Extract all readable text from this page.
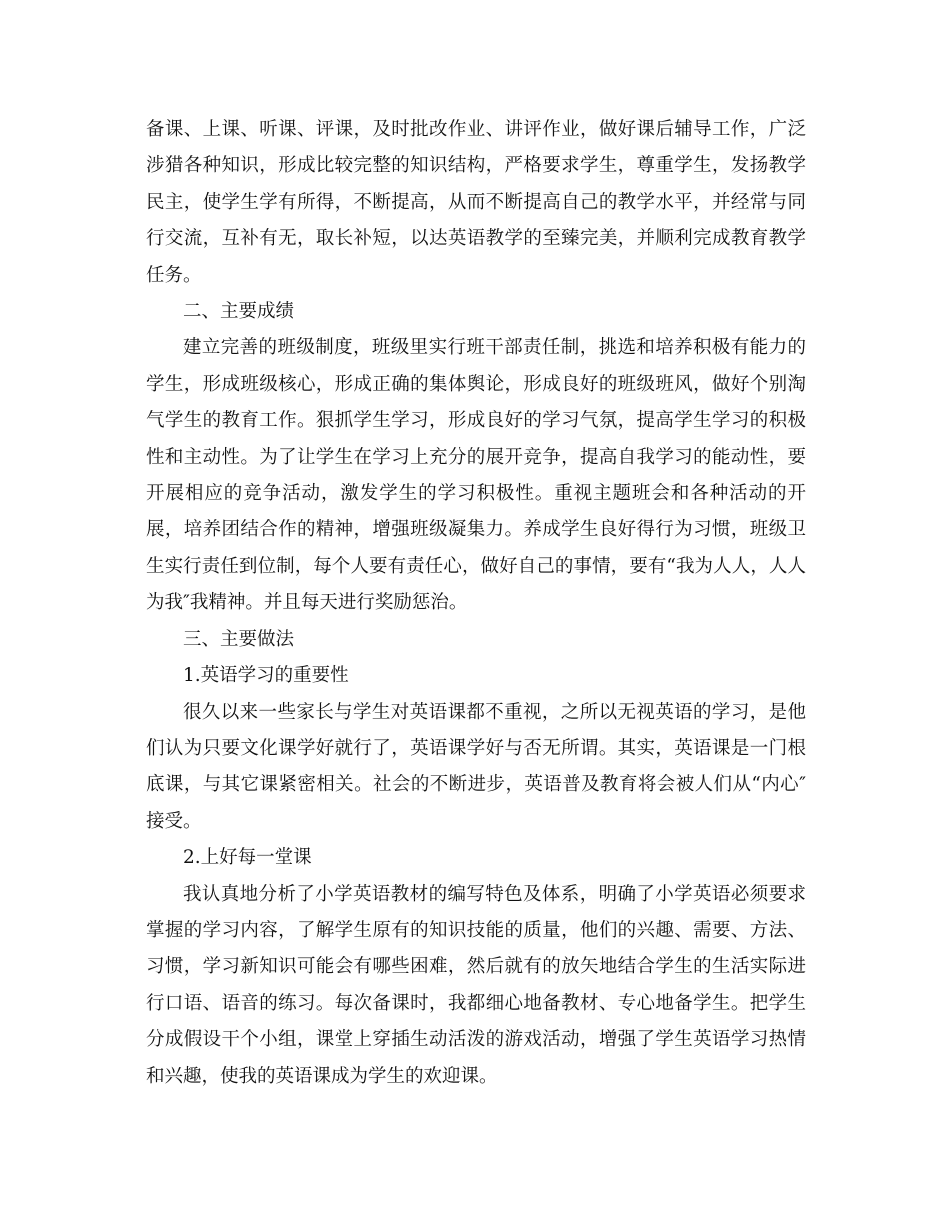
备课、上课、听课、评课，及时批改作业、讲评作业，做好课后辅导工作，广泛涉猎各种知识，形成比较完整的知识结构，严格要求学生，尊重学生，发扬教学民主，使学生学有所得，不断提高，从而不断提高自己的教学水平，并经常与同行交流，互补有无，取长补短，以达英语教学的至臻完美，并顺利完成教育教学任务。

二、主要成绩

建立完善的班级制度，班级里实行班干部责任制，挑选和培养积极有能力的学生，形成班级核心，形成正确的集体舆论，形成良好的班级班风，做好个别淘气学生的教育工作。狠抓学生学习，形成良好的学习气氛，提高学生学习的积极性和主动性。为了让学生在学习上充分的展开竞争，提高自我学习的能动性，要开展相应的竞争活动，激发学生的学习积极性。重视主题班会和各种活动的开展，培养团结合作的精神，增强班级凝集力。养成学生良好得行为习惯，班级卫生实行责任到位制，每个人要有责任心，做好自己的事情，要有“我为人人，人人为我″我精神。并且每天进行奖励惩治。

三、主要做法

1.英语学习的重要性

很久以来一些家长与学生对英语课都不重视，之所以无视英语的学习，是他们认为只要文化课学好就行了，英语课学好与否无所谓。其实，英语课是一门根底课，与其它课紧密相关。社会的不断进步，英语普及教育将会被人们从“内心″接受。

2.上好每一堂课

我认真地分析了小学英语教材的编写特色及体系，明确了小学英语必须要求掌握的学习内容，了解学生原有的知识技能的质量，他们的兴趣、需要、方法、习惯，学习新知识可能会有哪些困难，然后就有的放矢地结合学生的生活实际进行口语、语音的练习。每次备课时，我都细心地备教材、专心地备学生。把学生分成假设干个小组，课堂上穿插生动活泼的游戏活动，增强了学生英语学习热情和兴趣，使我的英语课成为学生的欢迎课。
